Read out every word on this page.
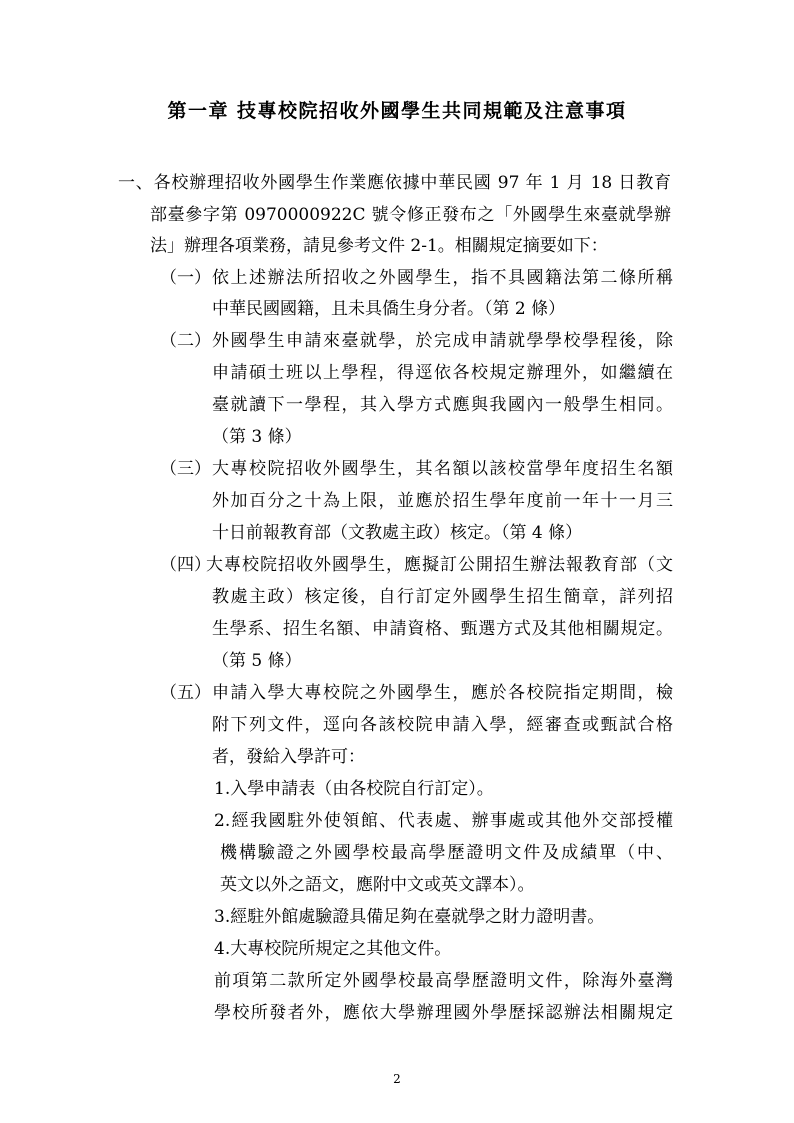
第一章 技專校院招收外國學生共同規範及注意事項
一、各校辦理招收外國學生作業應依據中華民國 97 年 1 月 18 日教育
部臺參字第 0970000922C 號令修正發布之「外國學生來臺就學辦
法」辦理各項業務，請見參考文件 2-1。相關規定摘要如下：
（一） 依上述辦法所招收之外國學生，指不具國籍法第二條所稱
中華民國國籍，且未具僑生身分者。（第 2 條）
（二） 外國學生申請來臺就學，於完成申請就學學校學程後，除
申請碩士班以上學程，得逕依各校規定辦理外，如繼續在
臺就讀下一學程，其入學方式應與我國內一般學生相同。
（第 3 條）
（三） 大專校院招收外國學生，其名額以該校當學年度招生名額
外加百分之十為上限，並應於招生學年度前一年十一月三
十日前報教育部（文教處主政）核定。（第 4 條）
（四）
大專校院招收外國學生，應擬訂公開招生辦法報教育部（文
教處主政）核定後，自行訂定外國學生招生簡章，詳列招
生學系、招生名額、申請資格、甄選方式及其他相關規定。
（第 5 條）
（五） 申請入學大專校院之外國學生，應於各校院指定期間，檢
附下列文件，逕向各該校院申請入學，經審查或甄試合格
者，發給入學許可：
1.入學申請表（由各校院自行訂定）。
2.經我國駐外使領館、代表處、辦事處或其他外交部授權
機構驗證之外國學校最高學歷證明文件及成績單（中、
英文以外之語文，應附中文或英文譯本）。
3.經駐外館處驗證具備足夠在臺就學之財力證明書。
4.大專校院所規定之其他文件。
前項第二款所定外國學校最高學歷證明文件，除海外臺灣
學校所發者外，應依大學辦理國外學歷採認辦法相關規定
2
